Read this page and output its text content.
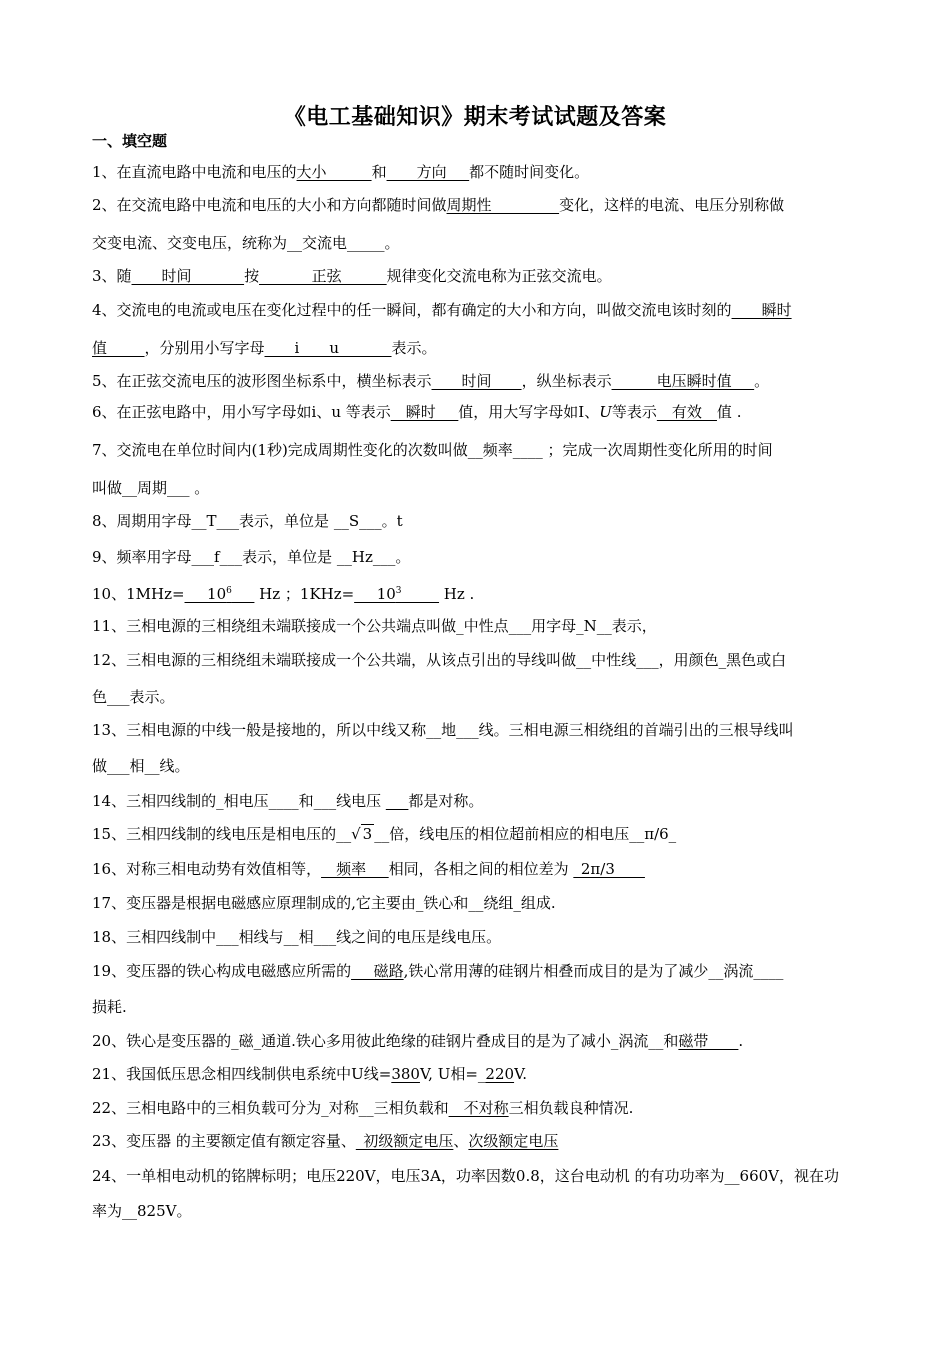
《电工基础知识》期末考试试题及答案
一、填空题
1、在直流电路中电流和电压的大小______和____方向___都不随时间变化。
2、在交流电路中电流和电压的大小和方向都随时间做周期性_________变化，这样的电流、电压分别称做
交变电流、交变电压，统称为__交流电_____。
3、随____时间_______按_______正弦______规律变化交流电称为正弦交流电。
4、交流电的电流或电压在变化过程中的任一瞬间，都有确定的大小和方向，叫做交流电该时刻的____瞬时
值_____，分别用小写字母____i____u_______表示。
5、在正弦交流电压的波形图坐标系中，横坐标表示____时间____，纵坐标表示______电压瞬时值___。
6、在正弦电路中，用小写字母如i、u 等表示__瞬时___值，用大写字母如I、U等表示__有效__值 .
7、交流电在单位时间内(1秒)完成周期性变化的次数叫做__频率____ ；完成一次周期性变化所用的时间
叫做__周期___ 。
8、周期用字母__T___表示，单位是 __S___。t
9、频率用字母___f___表示，单位是 __Hz___。
10、$1MHz=\_\_\_10^6\_\_\_$ Hz ；$1KHz=\_\_\_10^3\_\_\_\_\_$ Hz .
11、三相电源的三相绕组未端联接成一个公共端点叫做_中性点___用字母_N__表示，
12、三相电源的三相绕组未端联接成一个公共端，从该点引出的导线叫做__中性线___，用颜色_黑色或白
色___表示。
13、三相电源的中线一般是接地的，所以中线又称__地___线。三相电源三相绕组的首端引出的三根导线叫
做___相__线。
14、三相四线制的_相电压____和___线电压 ___都是对称。
15、三相四线制的线电压是相电压的__√ 3 __倍，线电压的相位超前相应的相电压__π/6_
16、对称三相电动势有效值相等，__频率___相同，各相之间的相位差为 _2π/3____
17、变压器是根据电磁感应原理制成的,它主要由_铁心和__绕组_组成.
18、三相四线制中___相线与__相___线之间的电压是线电压。
19、变压器的铁心构成电磁感应所需的___磁路,铁心常用薄的硅钢片相叠而成目的是为了减少__涡流____
损耗.
20、铁心是变压器的_磁_通道.铁心多用彼此绝缘的硅钢片叠成目的是为了减小_涡流__和磁带____.
21、我国低压思念相四线制供电系统中U线=380V, U相=_220V.
22、三相电路中的三相负载可分为_对称__三相负载和__不对称三相负载良种情况.
23、变压器 的主要额定值有额定容量、_初级额定电压、次级额定电压
24、一单相电动机的铭牌标明；电压220V，电压3A，功率因数0.8，这台电动机 的有功功率为__660V，视在功
率为__825V。
